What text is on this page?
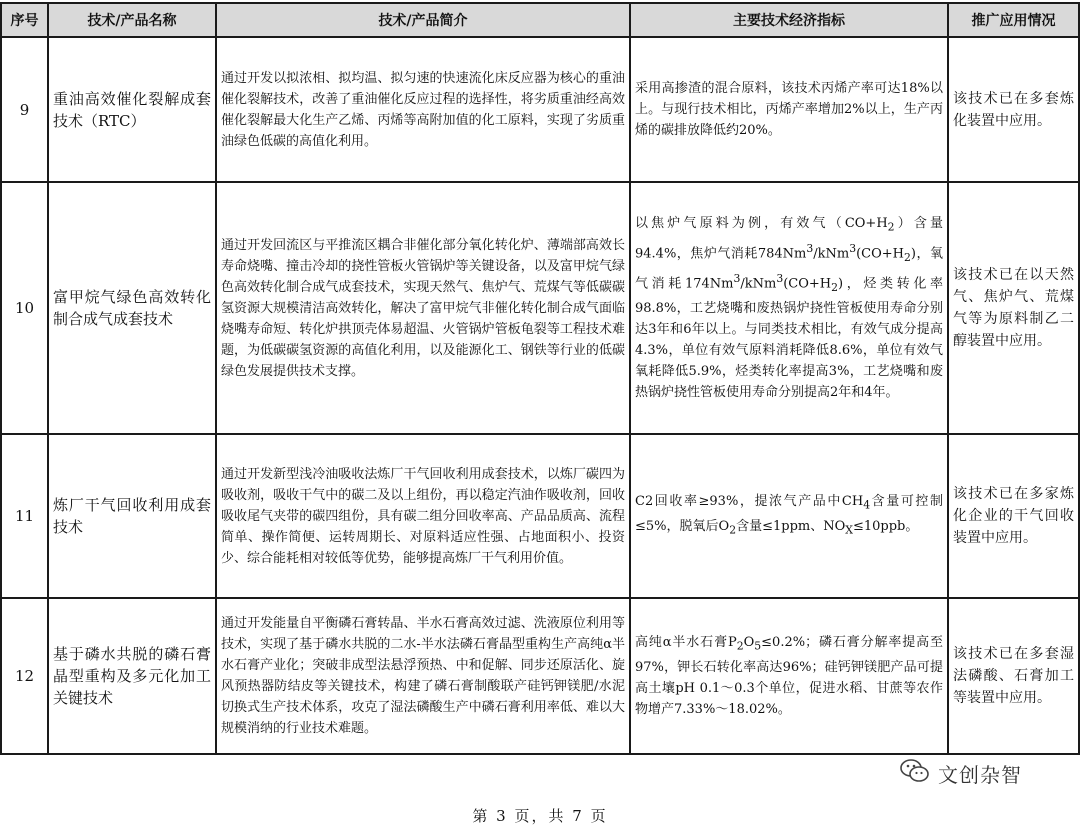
序号	技术/产品名称	技术/产品简介	主要技术经济指标	推广应用情况
9	重油高效催化裂解成套技术（RTC）	通过开发以拟浓相、拟均温、拟匀速的快速流化床反应器为核心的重油催化裂解技术，改善了重油催化反应过程的选择性，将劣质重油经高效催化裂解最大化生产乙烯、丙烯等高附加值的化工原料，实现了劣质重油绿色低碳的高值化利用。	采用高掺渣的混合原料，该技术丙烯产率可达18%以上。与现行技术相比，丙烯产率增加2%以上，生产丙烯的碳排放降低约20%。	该技术已在多套炼化装置中应用。
10	富甲烷气绿色高效转化制合成气成套技术	通过开发回流区与平推流区耦合非催化部分氧化转化炉、薄端部高效长寿命烧嘴、撞击冷却的挠性管板火管锅炉等关键设备，以及富甲烷气绿色高效转化制合成气成套技术，实现天然气、焦炉气、荒煤气等低碳碳氢资源大规模清洁高效转化，解决了富甲烷气非催化转化制合成气面临烧嘴寿命短、转化炉拱顶壳体易超温、火管锅炉管板龟裂等工程技术难题，为低碳碳氢资源的高值化利用，以及能源化工、钢铁等行业的低碳绿色发展提供技术支撑。	以焦炉气原料为例，有效气$(CO+H_2)$含量94.4%，焦炉气消耗$784Nm^3/kNm^3(CO+H_2)$，氧气消耗$174Nm^3/kNm^3(CO+H_2)$，烃类转化率98.8%，工艺烧嘴和废热锅炉挠性管板使用寿命分别达3年和6年以上。与同类技术相比，有效气成分提高4.3%，单位有效气原料消耗降低8.6%，单位有效气氧耗降低5.9%，烃类转化率提高3%，工艺烧嘴和废热锅炉挠性管板使用寿命分别提高2年和4年。	该技术已在以天然气、焦炉气、荒煤气等为原料制乙二醇装置中应用。
11	炼厂干气回收利用成套技术	通过开发新型浅冷油吸收法炼厂干气回收利用成套技术，以炼厂碳四为吸收剂，吸收干气中的碳二及以上组份，再以稳定汽油作吸收剂，回收吸收尾气夹带的碳四组份，具有碳二组分回收率高、产品品质高、流程简单、操作简便、运转周期长、对原料适应性强、占地面积小、投资少、综合能耗相对较低等优势，能够提高炼厂干气利用价值。	C2回收率≥93%，提浓气产品中$CH_4$含量可控制≤5%，脱氧后$O_2$含量≤1ppm、$NO_X\le 10ppb$。	该技术已在多家炼化企业的干气回收装置中应用。
12	基于磷水共脱的磷石膏晶型重构及多元化加工关键技术	通过开发能量自平衡磷石膏转晶、半水石膏高效过滤、洗液原位利用等技术，实现了基于磷水共脱的二水-半水法磷石膏晶型重构生产高纯α半水石膏产业化；突破非成型法悬浮预热、中和促解、同步还原活化、旋风预热器防结皮等关键技术，构建了磷石膏制酸联产硅钙钾镁肥/水泥切换式生产技术体系，攻克了湿法磷酸生产中磷石膏利用率低、难以大规模消纳的行业技术难题。	高纯α半水石膏$P_2O_5\le 0.2\%$；磷石膏分解率提高至97%，钾长石转化率高达96%；硅钙钾镁肥产品可提高土壤pH 0.1～0.3个单位，促进水稻、甘蔗等农作物增产7.33%～18.02%。	该技术已在多套湿法磷酸、石膏加工等装置中应用。
文创杂智
第 3 页，共 7 页
